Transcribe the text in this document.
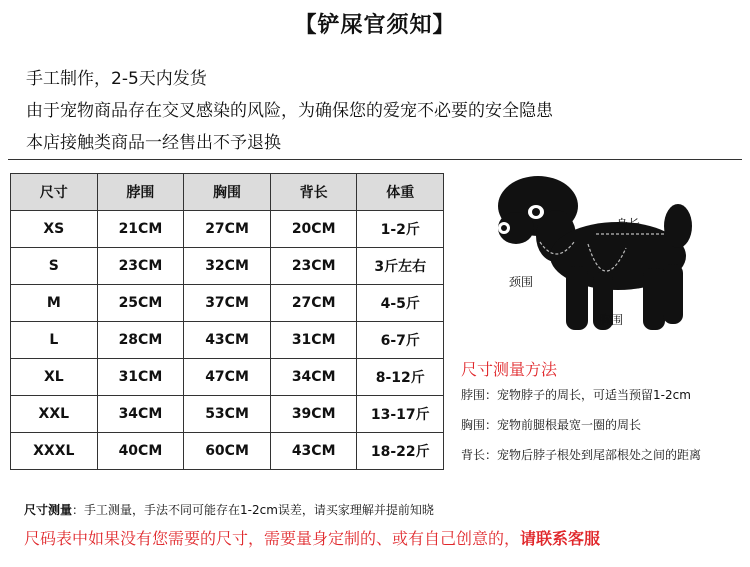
【铲屎官须知】
手工制作，2-5天内发货
由于宠物商品存在交叉感染的风险，为确保您的爱宠不必要的安全隐患
本店接触类商品一经售出不予退换
尺寸	脖围	胸围	背长	体重
XS	21CM	27CM	20CM	1-2斤
S	23CM	32CM	23CM	3斤左右
M	25CM	37CM	27CM	4-5斤
L	28CM	43CM	31CM	6-7斤
XL	31CM	47CM	34CM	8-12斤
XXL	34CM	53CM	39CM	13-17斤
XXXL	40CM	60CM	43CM	18-22斤
身长
颈围
胸围
尺寸测量方法
脖围：宠物脖子的周长，可适当预留1-2cm
胸围：宠物前腿根最宽一圈的周长
背长：宠物后脖子根处到尾部根处之间的距离
尺寸测量：手工测量，手法不同可能存在1-2cm误差，请买家理解并提前知晓
尺码表中如果没有您需要的尺寸，需要量身定制的、或有自己创意的，请联系客服
